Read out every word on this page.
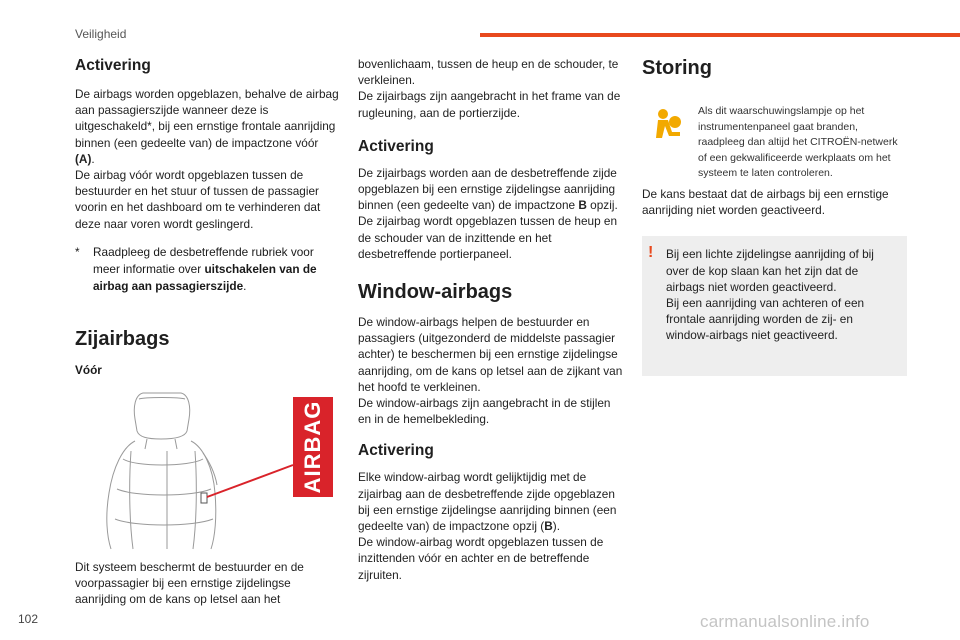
Veiligheid
Activering

De airbags worden opgeblazen, behalve de airbag aan passagierszijde wanneer deze is uitgeschakeld*, bij een ernstige frontale aanrijding binnen (een gedeelte van) de impactzone vóór (A).

De airbag vóór wordt opgeblazen tussen de bestuurder en het stuur of tussen de passagier voorin en het dashboard om te verhinderen dat deze naar voren wordt geslingerd.

*	Raadpleeg de desbetreffende rubriek voor meer informatie over uitschakelen van de airbag aan passagierszijde.
Zijairbags
Vóór
AIRBAG

Dit systeem beschermt de bestuurder en de voorpassagier bij een ernstige zijdelingse aanrijding om de kans op letsel aan het

bovenlichaam, tussen de heup en de schouder, te verkleinen.

De zijairbags zijn aangebracht in het frame van de rugleuning, aan de portierzijde.

Activering

De zijairbags worden aan de desbetreffende zijde opgeblazen bij een ernstige zijdelingse aanrijding binnen (een gedeelte van) de impactzone B opzij.

De zijairbag wordt opgeblazen tussen de heup en de schouder van de inzittende en het desbetreffende portierpaneel.

Window-airbags

De window-airbags helpen de bestuurder en passagiers (uitgezonderd de middelste passagier achter) te beschermen bij een ernstige zijdelingse aanrijding, om de kans op letsel aan de zijkant van het hoofd te verkleinen.

De window-airbags zijn aangebracht in de stijlen en in de hemelbekleding.

Activering

Elke window-airbag wordt gelijktijdig met de zijairbag aan de desbetreffende zijde opgeblazen bij een ernstige zijdelingse aanrijding binnen (een gedeelte van) de impactzone opzij (B).

De window-airbag wordt opgeblazen tussen de inzittenden vóór en achter en de betreffende zijruiten.

Storing
Als dit waarschuwingslampje op het instrumentenpaneel gaat branden, raadpleeg dan altijd het CITROËN-netwerk of een gekwalificeerde werkplaats om het systeem te laten controleren.

De kans bestaat dat de airbags bij een ernstige aanrijding niet worden geactiveerd.

!	Bij een lichte zijdelingse aanrijding of bij over de kop slaan kan het zijn dat de airbags niet worden geactiveerd.

Bij een aanrijding van achteren of een frontale aanrijding worden de zij- en window-airbags niet geactiveerd.

102	carmanualsonline.info
